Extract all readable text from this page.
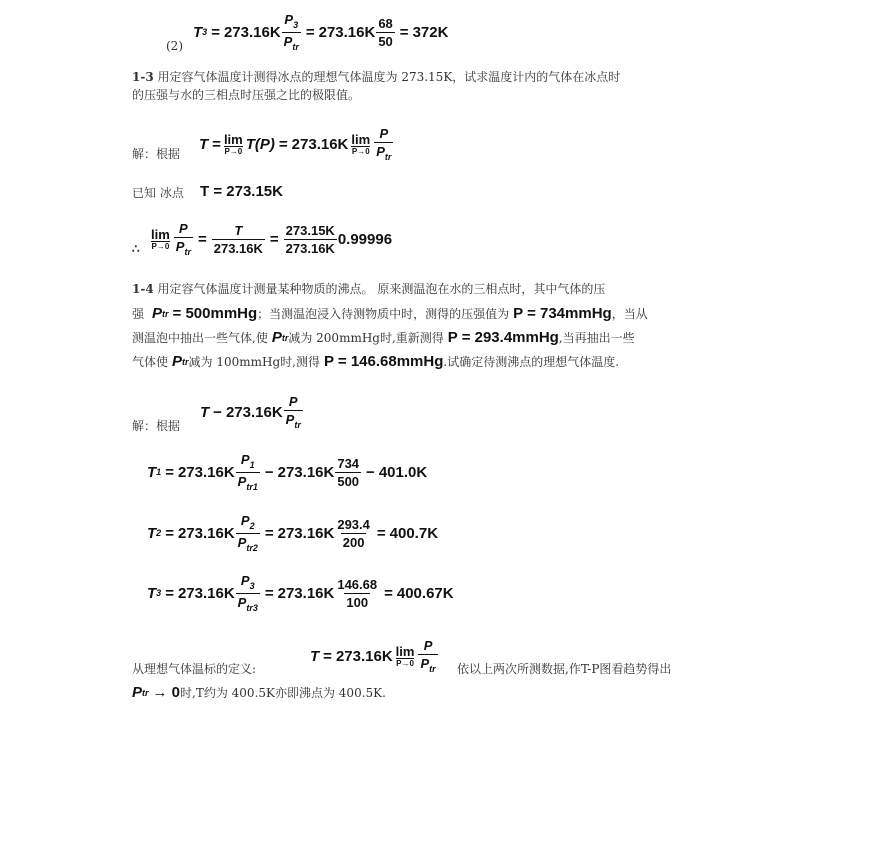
(2)
T $3 = 273.16K \frac{P_3}{P_{tr}} = 273.16K \frac{68}{50} = 372K$
1-3 用定容气体温度计测得冰点的理想气体温度为 273.15K，试求温度计内的气体在冰点时
的压强与水的三相点时压强之比的极限值。
解：根据
T = lim
P→0 T(P) = 273.16K lim
$P\to 0 \frac{P}{P_{tr}}$
已知 冰点 T = 273.15K
∴
lim
$P\to 0 \frac{P}{P_{tr}} = \frac{T}{273.16K} = \frac{273.15K}{273.16K} 0.99996$
1-4 用定容气体温度计测量某种物质的沸点。 原来测温泡在水的三相点时，其中气体的压
强 P tr = 500mmHg ；当测温泡浸入待测物质中时，测得的压强值为 P = 734mmHg ，当从
测温泡中抽出一些气体,使 P tr 减为 200mmHg时,重新测得 P = 293.4mmHg ,当再抽出一些
气体使 P tr 减为 100mmHg时,测得 P = 146.68mmHg .试确定待测沸点的理想气体温度.
解：根据
$T - 273.16K \frac{P}{P_{tr}}$
T $1 = 273.16K \frac{P_1}{P_{tr1}} - 273.16K \frac{734}{500} - 401.0K$
T $2 = 273.16K \frac{P_2}{P_{tr2}} = 273.16K \frac{293.4}{200} = 400.7K$
T $3 = 273.16K \frac{P_3}{P_{tr3}} = 273.16K \frac{146.68}{100} = 400.67K$
从理想气体温标的定义:
T = 273.16K lim
$P\to 0 \frac{P}{P_{tr}}$ 依以上两次所测数据,作T-P图看趋势得出
P tr → 0 时,T约为 400.5K亦即沸点为 400.5K.
